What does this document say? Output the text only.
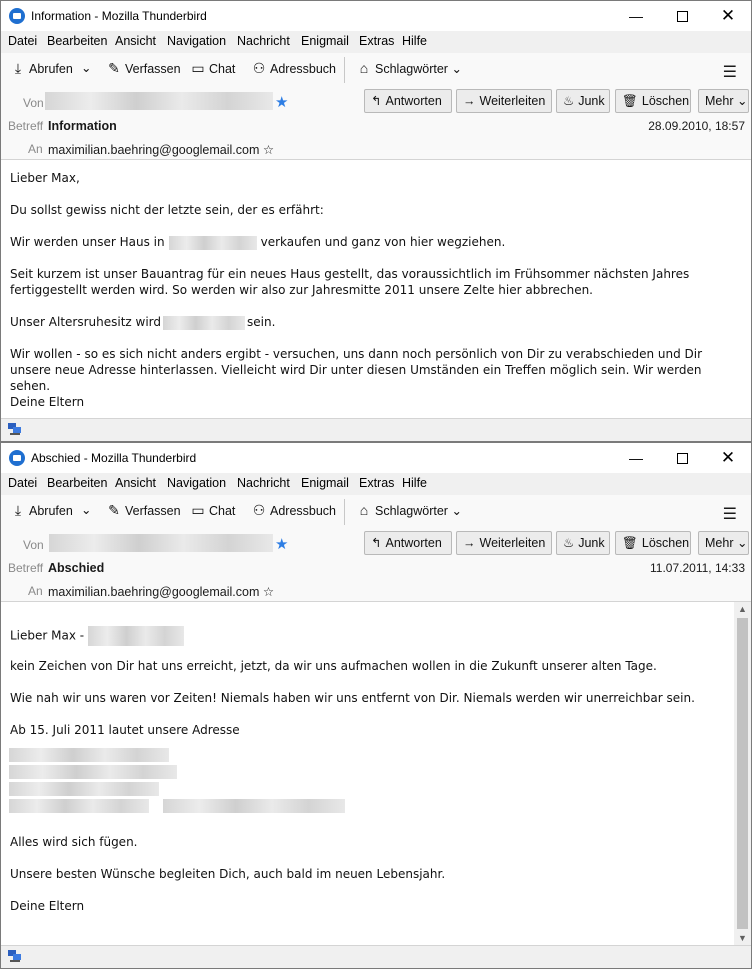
Information - Mozilla Thunderbird	—	✕
Datei Bearbeiten Ansicht Navigation Nachricht Enigmail Extras Hilfe
⤓ Abrufen ⌄ ✎ Verfassen ▭ Chat ⚇ Adressbuch ⌂ Schlagwörter ⌄	☰
Von	★	↰ Antworten	→ Weiterleiten	♨ Junk	🗑 Löschen	Mehr ⌄
Betreff Information	28.09.2010, 18:57
An maximilian.baehring@googlemail.com ☆

Lieber Max,

Du sollst gewiss nicht der letzte sein, der es erfährt:

Wir werden unser Haus in	verkaufen und ganz von hier wegziehen.

Seit kurzem ist unser Bauantrag für ein neues Haus gestellt, das voraussichtlich im Frühsommer nächsten Jahres fertiggestellt werden wird. So werden wir also zur Jahresmitte 2011 unsere Zelte hier abbrechen.

Unser Altersruhesitz wird	sein.

Wir wollen - so es sich nicht anders ergibt - versuchen, uns dann noch persönlich von Dir zu verabschieden und Dir unsere neue Adresse hinterlassen. Vielleicht wird Dir unter diesen Umständen ein Treffen möglich sein. Wir werden sehen.

Deine Eltern

Abschied - Mozilla Thunderbird	—	✕
Datei Bearbeiten Ansicht Navigation Nachricht Enigmail Extras Hilfe
⤓ Abrufen ⌄ ✎ Verfassen ▭ Chat ⚇ Adressbuch ⌂ Schlagwörter ⌄	☰
Von	★	↰ Antworten	→ Weiterleiten	♨ Junk	🗑 Löschen	Mehr ⌄
Betreff Abschied	11.07.2011, 14:33
An maximilian.baehring@googlemail.com ☆

Lieber Max -

kein Zeichen von Dir hat uns erreicht, jetzt, da wir uns aufmachen wollen in die Zukunft unserer alten Tage.

Wie nah wir uns waren vor Zeiten! Niemals haben wir uns entfernt von Dir. Niemals werden wir unerreichbar sein.

Ab 15. Juli 2011 lautet unsere Adresse

Alles wird sich fügen.

Unsere besten Wünsche begleiten Dich, auch bald im neuen Lebensjahr.

Deine Eltern

▲
▼
